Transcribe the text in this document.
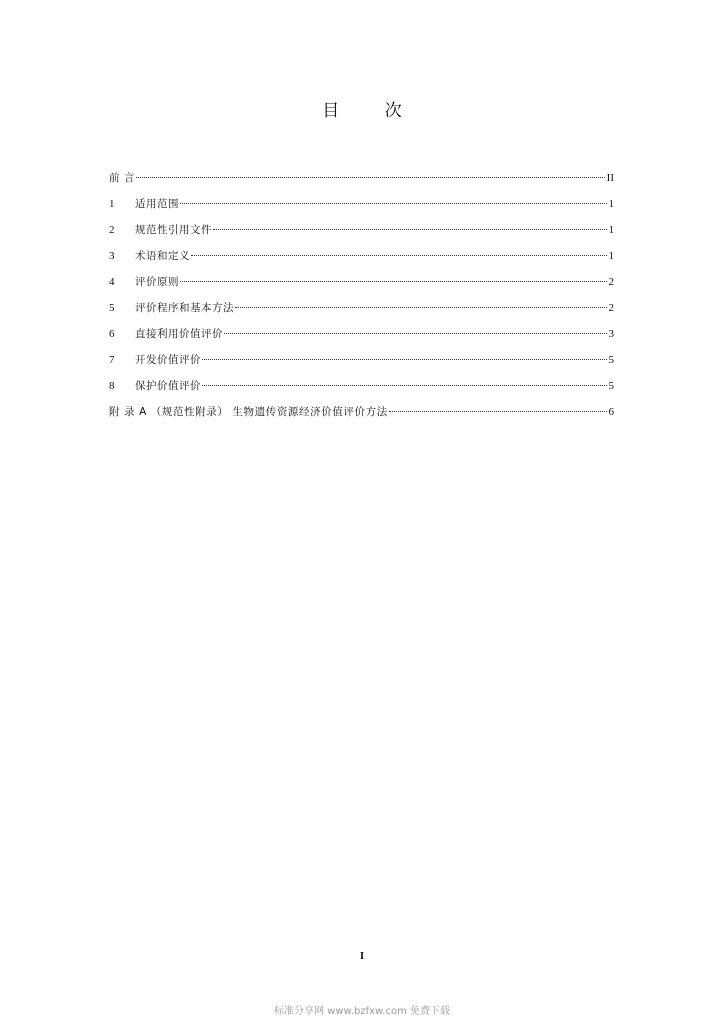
目 次
前 言	II
1	适用范围	1
2	规范性引用文件	1
3	术语和定义	1
4	评价原则	2
5	评价程序和基本方法	2
6	直接利用价值评价	3
7	开发价值评价	5
8	保护价值评价	5
附 录 A （规范性附录） 生物遗传资源经济价值评价方法	6
I
标准分享网 www.bzfxw.com 免费下载
